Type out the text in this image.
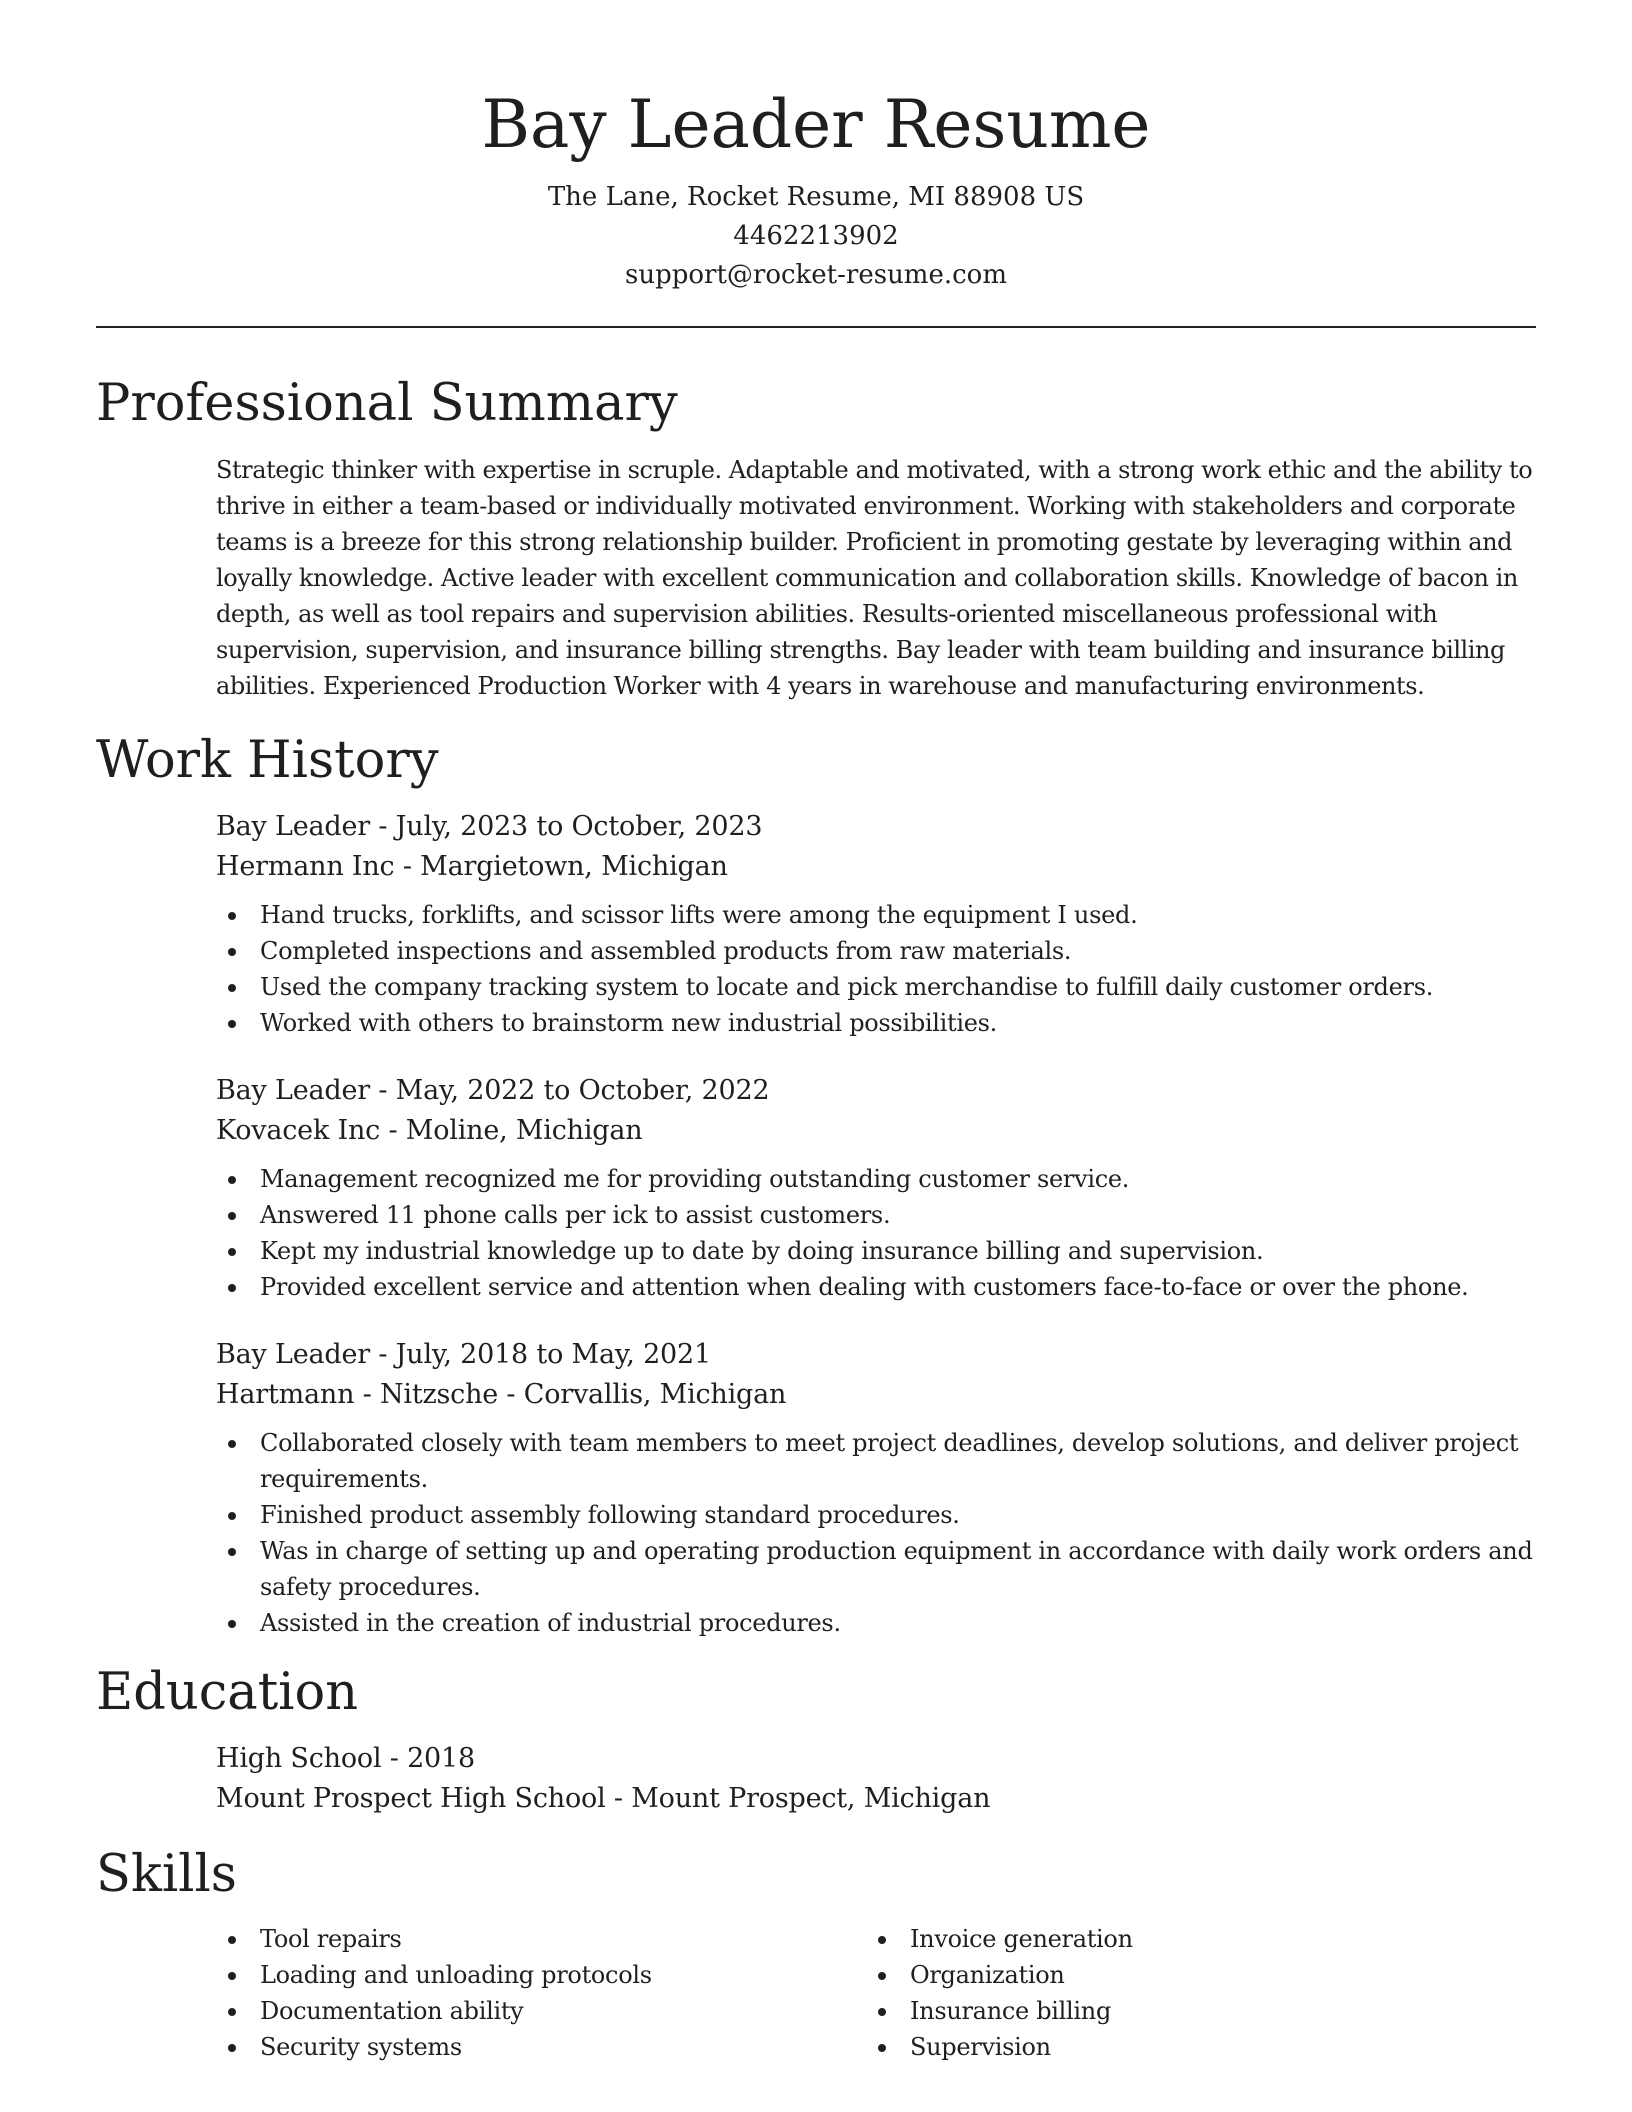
Bay Leader Resume

The Lane, Rocket Resume, MI 88908 US

4462213902

support@rocket-resume.com

Professional Summary

Strategic thinker with expertise in scruple. Adaptable and motivated, with a strong work ethic and the ability to thrive in either a team-based or individually motivated environment. Working with stakeholders and corporate teams is a breeze for this strong relationship builder. Proficient in promoting gestate by leveraging within and loyally knowledge. Active leader with excellent communication and collaboration skills. Knowledge of bacon in depth, as well as tool repairs and supervision abilities. Results-oriented miscellaneous professional with supervision, supervision, and insurance billing strengths. Bay leader with team building and insurance billing abilities. Experienced Production Worker with 4 years in warehouse and manufacturing environments.

Work History

Bay Leader - July, 2023 to October, 2023

Hermann Inc - Margietown, Michigan

Hand trucks, forklifts, and scissor lifts were among the equipment I used.
Completed inspections and assembled products from raw materials.
Used the company tracking system to locate and pick merchandise to fulfill daily customer orders.
Worked with others to brainstorm new industrial possibilities.

Bay Leader - May, 2022 to October, 2022

Kovacek Inc - Moline, Michigan

Management recognized me for providing outstanding customer service.
Answered 11 phone calls per ick to assist customers.
Kept my industrial knowledge up to date by doing insurance billing and supervision.
Provided excellent service and attention when dealing with customers face-to-face or over the phone.

Bay Leader - July, 2018 to May, 2021

Hartmann - Nitzsche - Corvallis, Michigan

Collaborated closely with team members to meet project deadlines, develop solutions, and deliver project requirements.
Finished product assembly following standard procedures.
Was in charge of setting up and operating production equipment in accordance with daily work orders and safety procedures.
Assisted in the creation of industrial procedures.
Education

High School - 2018

Mount Prospect High School - Mount Prospect, Michigan

Skills
Tool repairs
Loading and unloading protocols
Documentation ability
Security systems
Invoice generation
Organization
Insurance billing
Supervision
